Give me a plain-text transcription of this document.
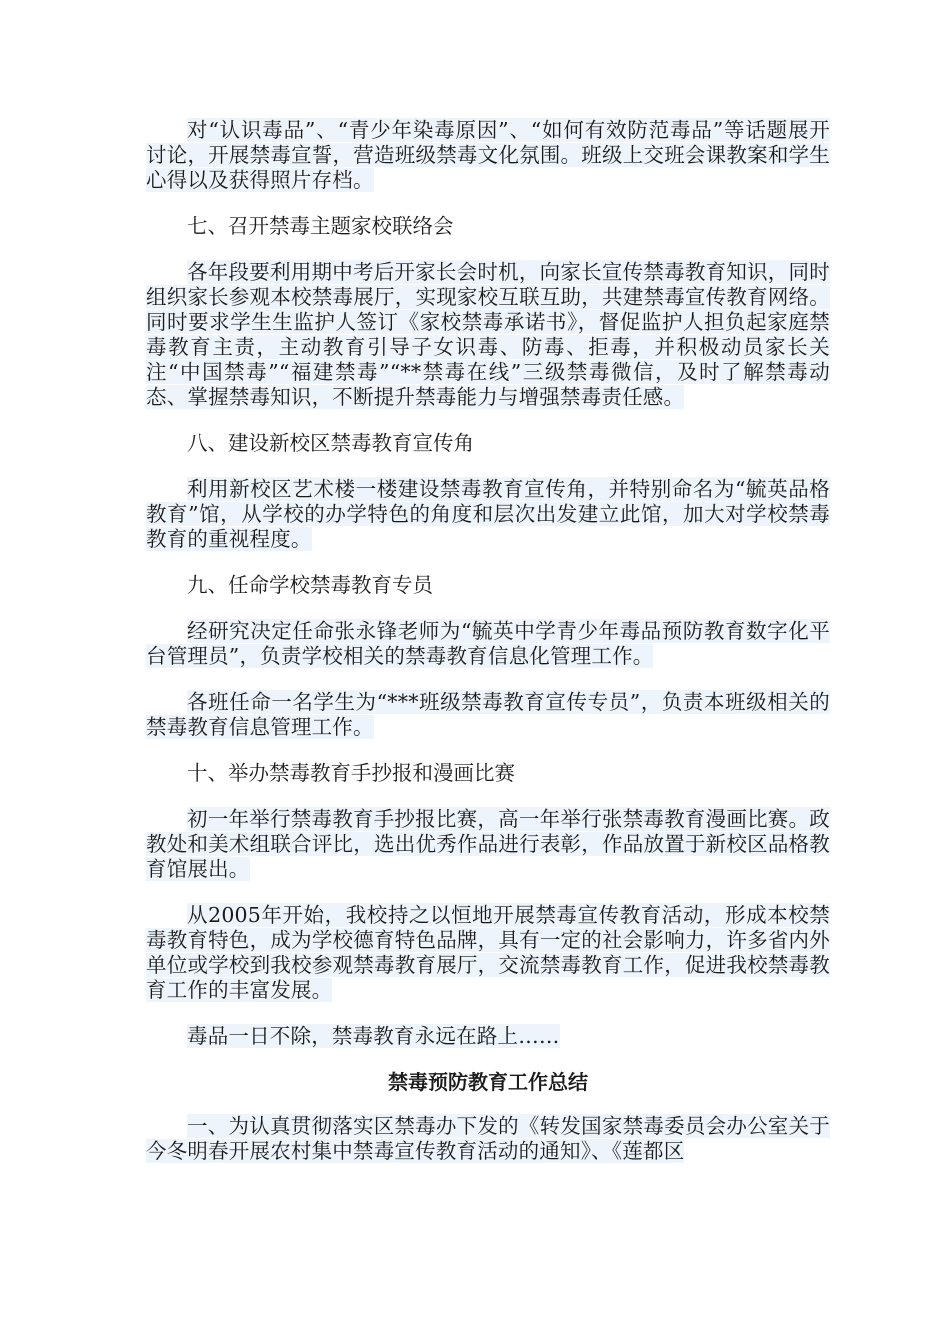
对“认识毒品”、“青少年染毒原因”、“如何有效防范毒品”等话题展开讨论，开展禁毒宣誓，营造班级禁毒文化氛围。班级上交班会课教案和学生心得以及获得照片存档。

七、召开禁毒主题家校联络会

各年段要利用期中考后开家长会时机，向家长宣传禁毒教育知识，同时组织家长参观本校禁毒展厅，实现家校互联互助，共建禁毒宣传教育网络。同时要求学生生监护人签订《家校禁毒承诺书》，督促监护人担负起家庭禁毒教育主责，主动教育引导子女识毒、防毒、拒毒，并积极动员家长关注“中国禁毒”“福建禁毒”“**禁毒在线”三级禁毒微信，及时了解禁毒动态、掌握禁毒知识，不断提升禁毒能力与增强禁毒责任感。

八、建设新校区禁毒教育宣传角

利用新校区艺术楼一楼建设禁毒教育宣传角，并特别命名为“毓英品格教育”馆，从学校的办学特色的角度和层次出发建立此馆，加大对学校禁毒教育的重视程度。

九、任命学校禁毒教育专员

经研究决定任命张永锋老师为“毓英中学青少年毒品预防教育数字化平台管理员”，负责学校相关的禁毒教育信息化管理工作。

各班任命一名学生为“***班级禁毒教育宣传专员”，负责本班级相关的禁毒教育信息管理工作。

十、举办禁毒教育手抄报和漫画比赛

初一年举行禁毒教育手抄报比赛，高一年举行张禁毒教育漫画比赛。政教处和美术组联合评比，选出优秀作品进行表彰，作品放置于新校区品格教育馆展出。

从2005年开始，我校持之以恒地开展禁毒宣传教育活动，形成本校禁毒教育特色，成为学校德育特色品牌，具有一定的社会影响力，许多省内外单位或学校到我校参观禁毒教育展厅，交流禁毒教育工作，促进我校禁毒教育工作的丰富发展。

毒品一日不除，禁毒教育永远在路上……

禁毒预防教育工作总结

一、为认真贯彻落实区禁毒办下发的《转发国家禁毒委员会办公室关于今冬明春开展农村集中禁毒宣传教育活动的通知》、《莲都区
